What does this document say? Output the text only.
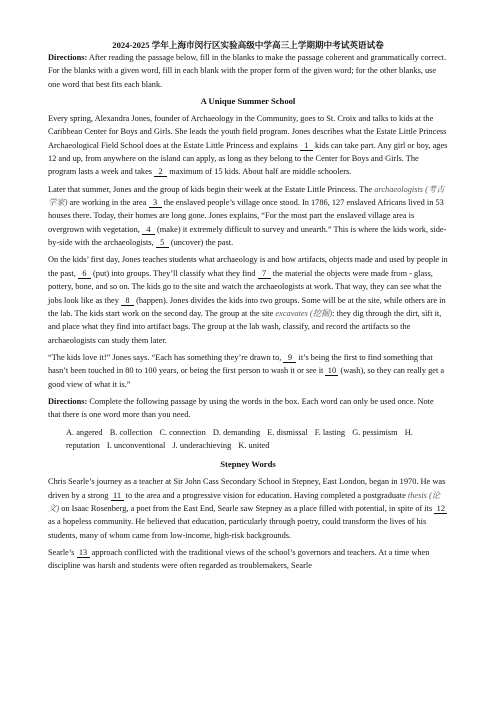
2024-2025 学年上海市闵行区实验高级中学高三上学期期中考试英语试卷

Directions: After reading the passage below, fill in the blanks to make the passage coherent and grammatically correct. For the blanks with a given word, fill in each blank with the proper form of the given word; for the other blanks, use one word that best fits each blank.

A Unique Summer School

Every spring, Alexandra Jones, founder of Archaeology in the Community, goes to St. Croix and talks to kids at the Caribbean Center for Boys and Girls. She leads the youth field program. Jones describes what the Estate Little Princess Archaeological Field School does at the Estate Little Princess and explains 1 kids can take part. Any girl or boy, ages 12 and up, from anywhere on the island can apply, as long as they belong to the Center for Boys and Girls. The program lasts a week and takes 2 maximum of 15 kids. About half are middle schoolers.

Later that summer, Jones and the group of kids begin their week at the Estate Little Princess. The archaeologists (考古学家) are working in the area 3 the enslaved people’s village once stood. In 1786, 127 enslaved Africans lived in 53 houses there. Today, their homes are long gone. Jones explains, “For the most part the enslaved village area is overgrown with vegetation, 4 (make) it extremely difficult to survey and unearth.” This is where the kids work, side-by-side with the archaeologists, 5 (uncover) the past.

On the kids’ first day, Jones teaches students what archaeology is and how artifacts, objects made and used by people in the past, 6 (put) into groups. They’ll classify what they find 7 the material the objects were made from - glass, pottery, bone, and so on. The kids go to the site and watch the archaeologists at work. That way, they can see what the jobs look like as they 8 (happen). Jones divides the kids into two groups. Some will be at the site, while others are in the lab. The kids start work on the second day. The group at the site excavates (挖掘): they dig through the dirt, sift it, and place what they find into artifact bags. The group at the lab wash, classify, and record the artifacts so the archaeologists can study them later.

“The kids love it!” Jones says. “Each has something they’re drawn to, 9 it’s being the first to find something that hasn’t been touched in 80 to 100 years, or being the first person to wash it or see it 10 (wash), so they can really get a good view of what it is.”

Directions: Complete the following passage by using the words in the box. Each word can only be used once. Note that there is one word more than you need.

A. angered B. collection C. connection D. demanding E. dismissal F. lasting G. pessimism H. reputation I. unconventional J. underachieving K. united
Stepney Words

Chris Searle’s journey as a teacher at Sir John Cass Secondary School in Stepney, East London, began in 1970. He was driven by a strong 11 to the area and a progressive vision for education. Having completed a postgraduate thesis (论文) on Isaac Rosenberg, a poet from the East End, Searle saw Stepney as a place filled with potential, in spite of its 12 as a hopeless community. He believed that education, particularly through poetry, could transform the lives of his students, many of whom came from low-income, high-risk backgrounds.

Searle’s 13 approach conflicted with the traditional views of the school’s governors and teachers. At a time when discipline was harsh and students were often regarded as troublemakers, Searle
